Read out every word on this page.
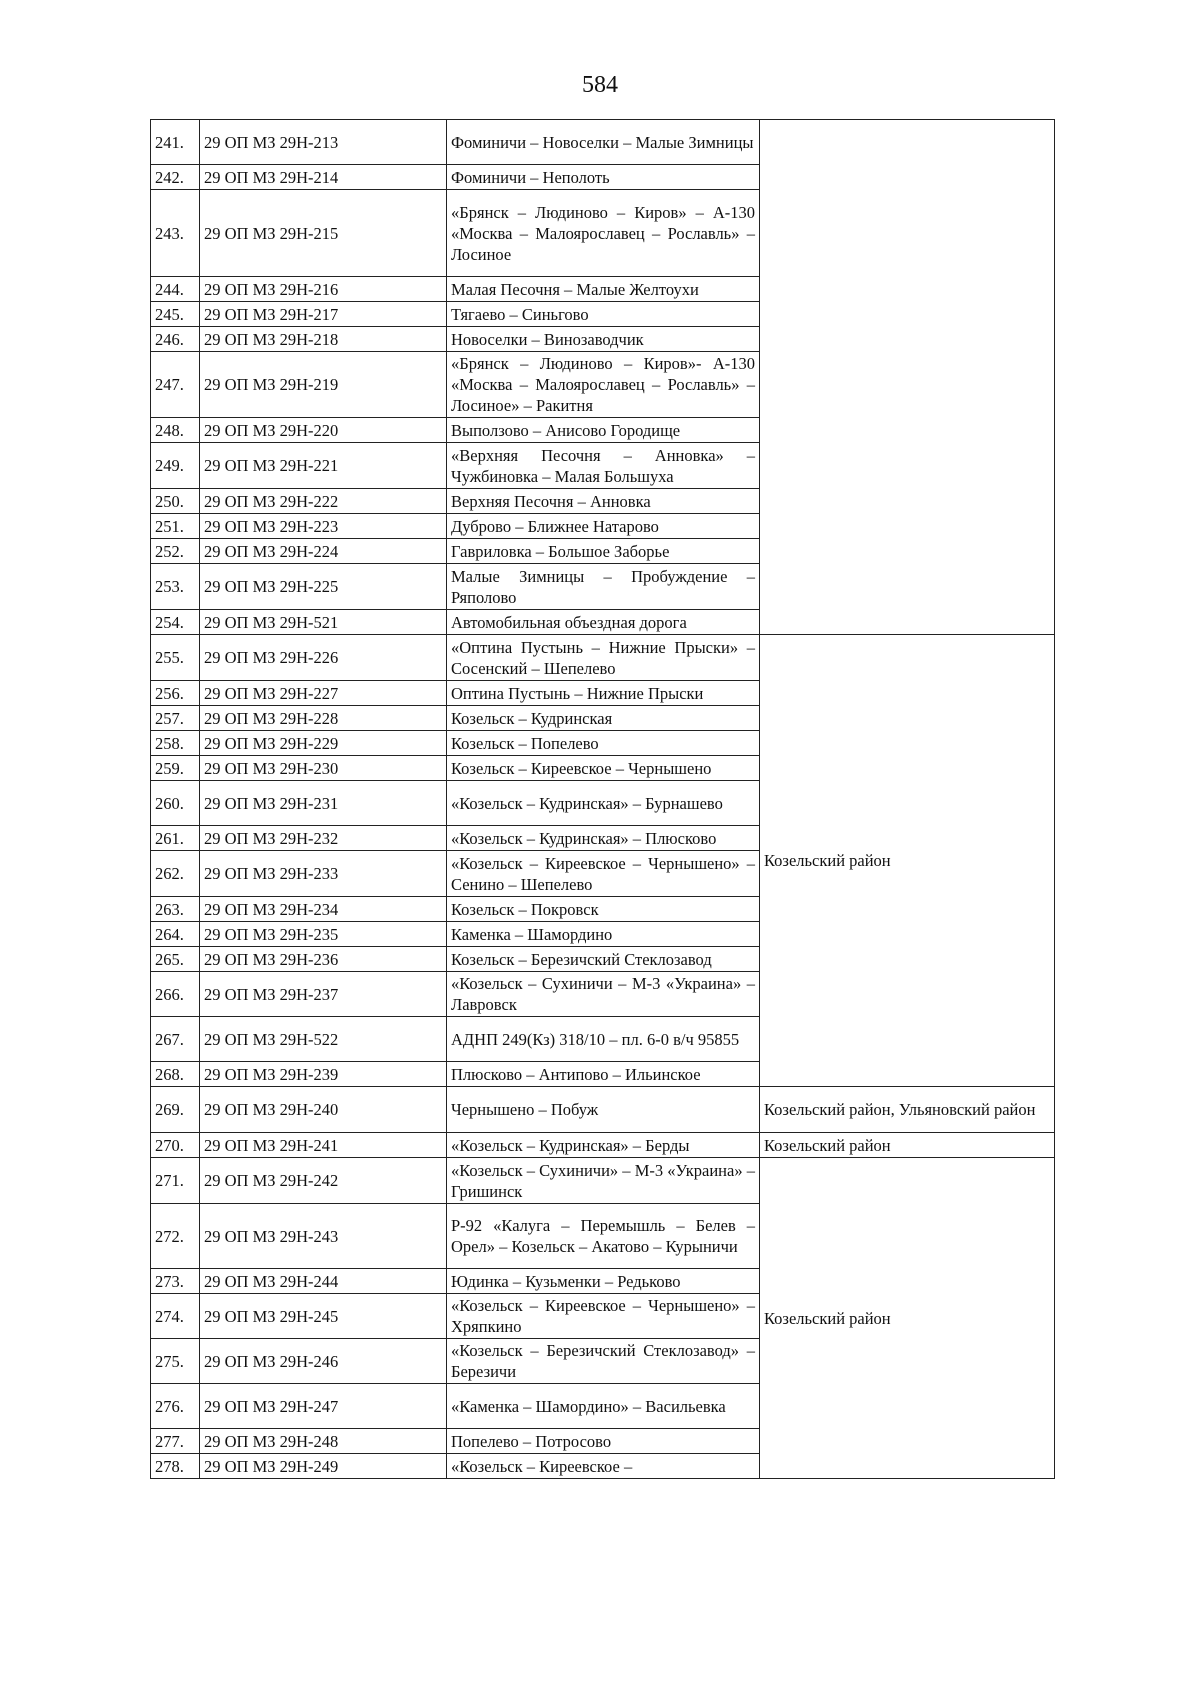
584
241.	29 ОП МЗ 29Н-213	Фоминичи – Новоселки – Малые Зимницы	
242.	29 ОП МЗ 29Н-214	Фоминичи – Неполоть	
243.	29 ОП МЗ 29Н-215	«Брянск – Людиново – Киров» – А-130 «Москва – Малоярославец – Рославль» – Лосиное	
244.	29 ОП МЗ 29Н-216	Малая Песочня – Малые Желтоухи	
245.	29 ОП МЗ 29Н-217	Тягаево – Синьгово	
246.	29 ОП МЗ 29Н-218	Новоселки – Винозаводчик	
247.	29 ОП МЗ 29Н-219	«Брянск – Людиново – Киров»- А-130 «Москва – Малоярославец – Рославль» – Лосиное» – Ракитня	
248.	29 ОП МЗ 29Н-220	Выползово – Анисово Городище	
249.	29 ОП МЗ 29Н-221	«Верхняя Песочня – Анновка» – Чужбиновка – Малая Большуха	
250.	29 ОП МЗ 29Н-222	Верхняя Песочня – Анновка	
251.	29 ОП МЗ 29Н-223	Дуброво – Ближнее Натарово	
252.	29 ОП МЗ 29Н-224	Гавриловка – Большое Заборье	
253.	29 ОП МЗ 29Н-225	Малые Зимницы – Пробуждение – Ряполово	
254.	29 ОП МЗ 29Н-521	Автомобильная объездная дорога	
255.	29 ОП МЗ 29Н-226	«Оптина Пустынь – Нижние Прыски» – Сосенский – Шепелево	Козельский район
256.	29 ОП МЗ 29Н-227	Оптина Пустынь – Нижние Прыски	
257.	29 ОП МЗ 29Н-228	Козельск – Кудринская	
258.	29 ОП МЗ 29Н-229	Козельск – Попелево	
259.	29 ОП МЗ 29Н-230	Козельск – Киреевское – Чернышено	
260.	29 ОП МЗ 29Н-231	«Козельск – Кудринская» – Бурнашево	
261.	29 ОП МЗ 29Н-232	«Козельск – Кудринская» – Плюсково	
262.	29 ОП МЗ 29Н-233	«Козельск – Киреевское – Чернышено» – Сенино – Шепелево	
263.	29 ОП МЗ 29Н-234	Козельск – Покровск	
264.	29 ОП МЗ 29Н-235	Каменка – Шамордино	
265.	29 ОП МЗ 29Н-236	Козельск – Березичский Стеклозавод	
266.	29 ОП МЗ 29Н-237	«Козельск – Сухиничи – М-3 «Украина» – Лавровск	
267.	29 ОП МЗ 29Н-522	АДНП 249(Кз) 318/10 – пл. 6-0 в/ч 95855	
268.	29 ОП МЗ 29Н-239	Плюсково – Антипово – Ильинское	
269.	29 ОП МЗ 29Н-240	Чернышено – Побуж	Козельский район, Ульяновский район
270.	29 ОП МЗ 29Н-241	«Козельск – Кудринская» – Берды	Козельский район
271.	29 ОП МЗ 29Н-242	«Козельск – Сухиничи» – М-3 «Украина» – Гришинск	Козельский район
272.	29 ОП МЗ 29Н-243	Р-92 «Калуга – Перемышль – Белев – Орел» – Козельск – Акатово – Курыничи	
273.	29 ОП МЗ 29Н-244	Юдинка – Кузьменки – Редьково	
274.	29 ОП МЗ 29Н-245	«Козельск – Киреевское – Чернышено» – Хряпкино	
275.	29 ОП МЗ 29Н-246	«Козельск – Березичский Стеклозавод» – Березичи	
276.	29 ОП МЗ 29Н-247	«Каменка – Шамордино» – Васильевка	
277.	29 ОП МЗ 29Н-248	Попелево – Потросово	
278.	29 ОП МЗ 29Н-249	«Козельск – Киреевское –	
